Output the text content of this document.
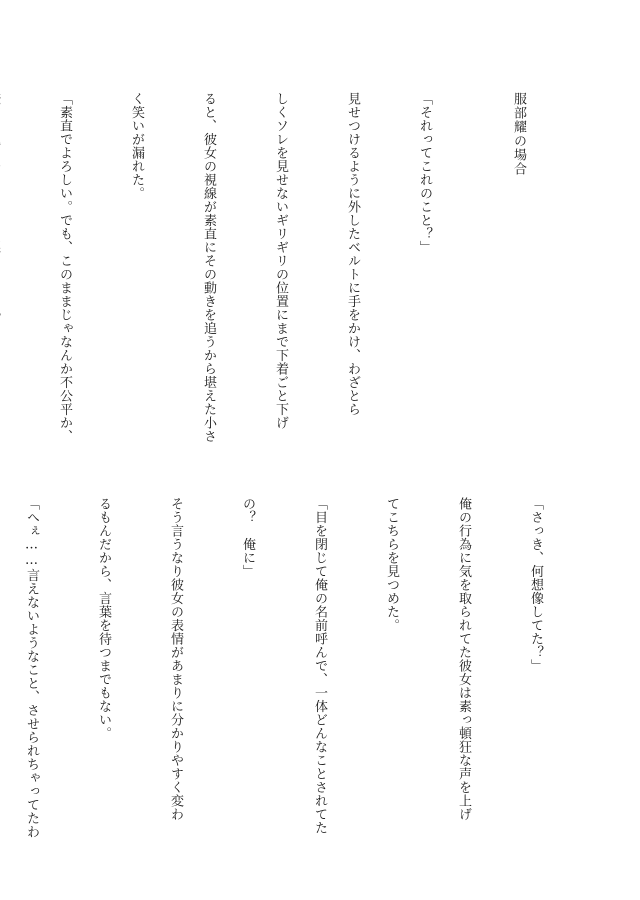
服部耀の場合

「それってこれのこと？」

見せつけるように外したベルトに手をかけ、わざとら

しくソレを見せないギリギリの位置にまで下着ごと下げ

ると、彼女の視線が素直にその動きを追うから堪えた小さ

く笑いが漏れた。

「素直でよろしい。でも、このままじゃなんか不公平か、

「さっき、何想像してた？」

俺の行為に気を取られてた彼女は素っ頓狂な声を上げ

てこちらを見つめた。

「目を閉じて俺の名前呼んで、一体どんなことされてた

の？　俺に」

そう言うなり彼女の表情があまりに分かりやすく変わ

るもんだから、言葉を待つまでもない。

「へぇ……言えないようなこと、させられちゃってたわ
